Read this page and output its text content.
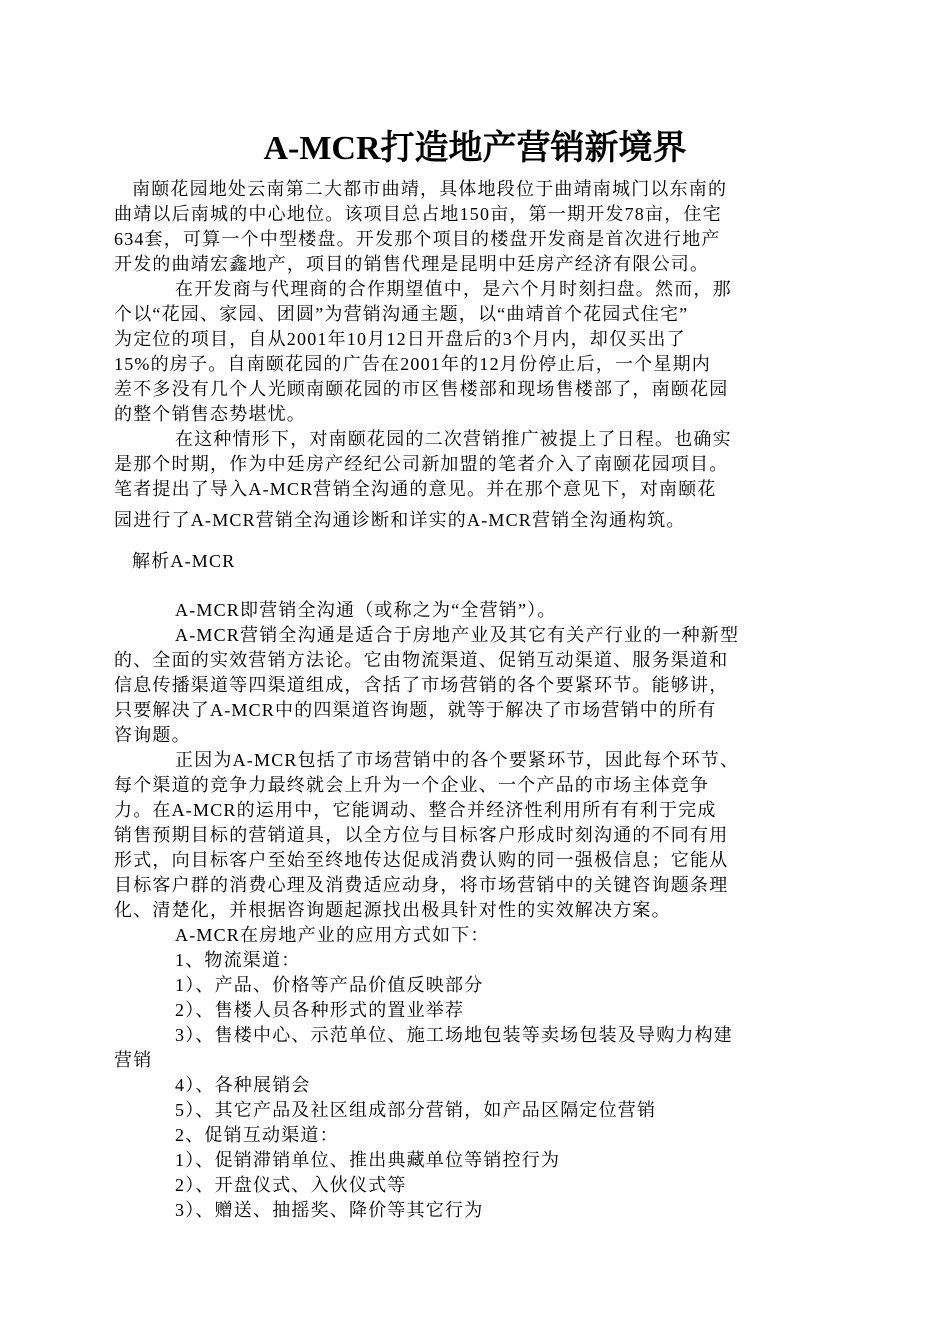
A-MCR打造地产营销新境界
南颐花园地处云南第二大都市曲靖，具体地段位于曲靖南城门以东南的
曲靖以后南城的中心地位。该项目总占地150亩，第一期开发78亩，住宅
634套，可算一个中型楼盘。开发那个项目的楼盘开发商是首次进行地产
开发的曲靖宏鑫地产，项目的销售代理是昆明中廷房产经济有限公司。
在开发商与代理商的合作期望值中，是六个月时刻扫盘。然而，那
个以“花园、家园、团圆”为营销沟通主题，以“曲靖首个花园式住宅”
为定位的项目，自从2001年10月12日开盘后的3个月内，却仅买出了
15%的房子。自南颐花园的广告在2001年的12月份停止后，一个星期内
差不多没有几个人光顾南颐花园的市区售楼部和现场售楼部了，南颐花园
的整个销售态势堪忧。
在这种情形下，对南颐花园的二次营销推广被提上了日程。也确实
是那个时期，作为中廷房产经纪公司新加盟的笔者介入了南颐花园项目。
笔者提出了导入A-MCR营销全沟通的意见。并在那个意见下，对南颐花
园进行了A-MCR营销全沟通诊断和详实的A-MCR营销全沟通构筑。
解析A-MCR
A-MCR即营销全沟通（或称之为“全营销”）。
A-MCR营销全沟通是适合于房地产业及其它有关产行业的一种新型
的、全面的实效营销方法论。它由物流渠道、促销互动渠道、服务渠道和
信息传播渠道等四渠道组成，含括了市场营销的各个要紧环节。能够讲，
只要解决了A-MCR中的四渠道咨询题，就等于解决了市场营销中的所有
咨询题。
正因为A-MCR包括了市场营销中的各个要紧环节，因此每个环节、
每个渠道的竞争力最终就会上升为一个企业、一个产品的市场主体竞争
力。在A-MCR的运用中，它能调动、整合并经济性利用所有有利于完成
销售预期目标的营销道具，以全方位与目标客户形成时刻沟通的不同有用
形式，向目标客户至始至终地传达促成消费认购的同一强极信息；它能从
目标客户群的消费心理及消费适应动身，将市场营销中的关键咨询题条理
化、清楚化，并根据咨询题起源找出极具针对性的实效解决方案。
A-MCR在房地产业的应用方式如下：
1、物流渠道：
1）、产品、价格等产品价值反映部分
2）、售楼人员各种形式的置业举荐
3）、售楼中心、示范单位、施工场地包装等卖场包装及导购力构建
营销
4）、各种展销会
5）、其它产品及社区组成部分营销，如产品区隔定位营销
2、促销互动渠道：
1）、促销滞销单位、推出典藏单位等销控行为
2）、开盘仪式、入伙仪式等
3）、赠送、抽摇奖、降价等其它行为
